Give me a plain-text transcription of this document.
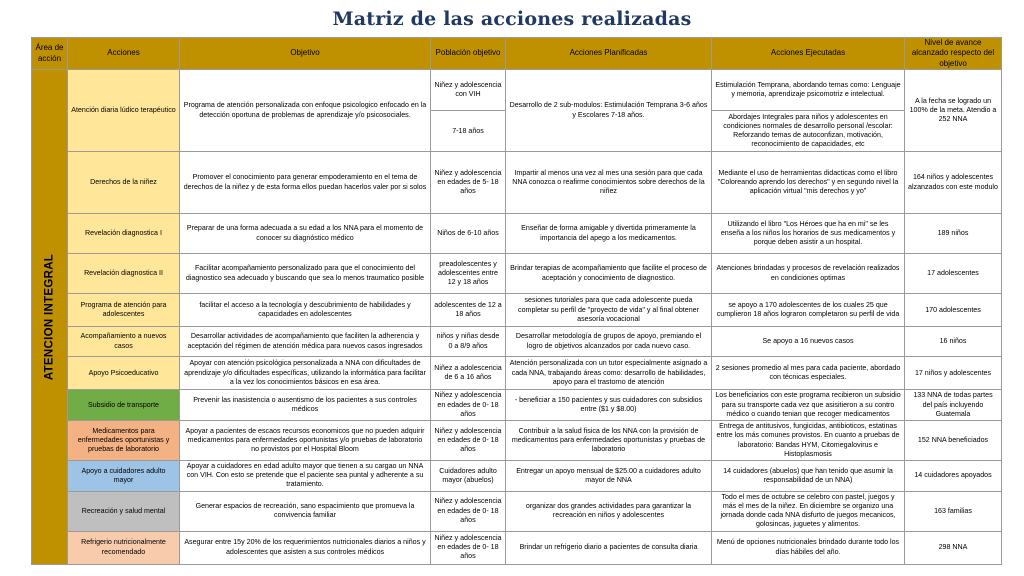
Matriz de las acciones realizadas
Área de acción	Acciones	Objetivo	Población objetivo	Acciones Planificadas	Acciones Ejecutadas	Nivel de avance alcanzado respecto del objetivo

ATENCION INTEGRAL	Atención diaria lúdico terapéutico	Programa de atención personalizada con enfoque psicologico enfocado en la detección oportuna de problemas de aprendizaje y/o psicosociales.	Niñez y adolescencia con VIH	Desarrollo de 2 sub-modulos: Estimulación Temprana 3-6 años y Escolares 7-18 años.	Estimulación Temprana, abordando temas como: Lenguaje y memoria, aprendizaje psicomotriz e intelectual.	A la fecha se logrado un 100% de la meta. Atendio a 252 NNA
			7-18 años		Abordajes Integrales para niños y adolescentes en condiciones normales de desarrollo personal /escolar: Reforzando temas de autoconfizan, motivación, reconocimiento de capacidades, etc	
	Derechos de la niñez	Promover el conocimiento para generar empoderamiento en el tema de derechos de la niñez y de esta forma ellos puedan hacerlos valer por si solos	Niñez y adolescencia en edades de 5- 18 años	Impartir al menos una vez al mes una sesión para que cada NNA conozca o reafirme conocimientos sobre derechos de la niñez	Mediante el uso de herramientas didacticas como el libro "Coloreando aprendo los derechos" y en segundo nivel la aplicación virtual "mis derechos y yo"	164 niños y adolescentes alzanzados con este modulo
	Revelación diagnostica I	Preparar de una forma adecuada a su edad a los NNA para el momento de conocer su diagnóstico médico	Niños de 6-10 años	Enseñar de forma amigable y divertida primeramente la importancia del apego a los medicamentos.	Utilizando el libro "Los Héroes que ha en mi" se les enseña a los niños los horarios de sus medicamentos y porque deben asistir a un hospital.	189 niños
	Revelación diagnostica II	Facilitar acompañamiento personalizado para que el conocimiento del diagnostico sea adecuado y buscando que sea lo menos traumatico posible	preadolescentes y adolescentes entre 12 y 18 años	Brindar terapias de acompañamiento que facilite el proceso de aceptación y conocimiento de diagnostico.	Atenciones brindadas y procesos de revelación realizados en condiciones optimas	17 adolescentes
	Programa de atención para adolescentes	facilitar el acceso a la tecnología y descubrimiento de habilidades y capacidades en adolescentes	adolescentes de 12 a 18 años	sesiones tutoriales para que cada adolescente pueda completar su perfil de "proyecto de vida" y al final obtener asesoría vocacional	se apoyo a 170 adolescentes de los cuales 25 que cumplieron 18 años lograron completaron su perfil de vida	170 adolescentes
	Acompañamiento a nuevos casos	Desarrollar actividades de acompañamiento que faciliten la adherencia y aceptación del régimen de atención médica para nuevos casos ingresados	niños y niñas desde 0 a 8/9 años	Desarrollar metodología de grupos de apoyo, premiando el logro de objetivos alcanzados por cada nuevo caso.	Se apoyo a 16 nuevos casos	16 niños
	Apoyo Psicoeducativo	Apoyar con atención psicológica personalizada a NNA con dificultades de aprendizaje y/o dificultades específicas, utilizando la informática para facilitar a la vez los conocimientos básicos en esa área.	Niñez a adolescencia de 6 a 16 años	Atención personalizada con un tutor especialmente asignado a cada NNA, trabajando áreas como: desarrollo de habilidades, apoyo para el trastorno de atención	2 sesiones promedio al mes para cada paciente, abordado con técnicas especiales.	17 niños y adolescentes
	Subsidio de transporte	Prevenir las inasistencia o ausentismo de los pacientes a sus controles médicos	Niñez y adolescencia en edades de 0- 18 años	- beneficiar a 150 pacientes y sus cuidadores con subsidios entre ($1 y $8.00)	Los beneficiarios con este programa recibieron un subsidio para su transporte cada vez que asisitieron a su contro médico o cuando tenian que recoger medicamentos	133 NNA de todas partes del país incluyendo Guatemala
	Medicamentos para enfermedades oportunistas y pruebas de laboratorio	Apoyar a pacientes de escaos recursos economicos que no pueden adquirir medicamentos para enfermedades oportunistas y/o pruebas de laboratorio no provistos por el Hospital Bloom	Niñez y adolescencia en edades de 0- 18 años	Contribuir a la salud fisica de los NNA con la provisión de medicamentos para enfermedades oportunistas y pruebas de laboratorio	Entrega de antitusivos, fungicidas, antibioticos, estatinas entre los más comunes provistos. En cuanto a pruebas de laboratorio: Bandas HYM, Citomegalovirus e Histoplasmosis	152 NNA beneficiados
	Apoyo a cuidadores adulto mayor	Apoyar a cuidadores en edad adulto mayor que tienen a su cargao un NNA con VIH. Con esto se pretende que el paciente sea puntal y adherente a su tratamiento.	Cuidadores adulto mayor (abuelos)	Entregar un apoyo mensual de $25.00 a cuidadores adulto mayor de NNA	14 cuidadores (abuelos) que han tenido que asumir la responsabilidad de un NNA)	14 cuidadores apoyados
	Recreación y salud mental	Generar espacios de recreación, sano espacimiento que promueva la convivencia familiar	Niñez y adolescencia en edades de 0- 18 años	organizar dos grandes actividades para garantizar la recreación en niños y adolescentes	Todo el mes de octubre se celebro con pastel, juegos y más el mes de la niñez. En diciembre se organizo una jornada donde cada NNA disfurto de juegos mecanicos, golosincas, juguetes y alimentos.	163 familias
	Refrigerio nutricionalmente recomendado	Asegurar entre 15y 20% de los requerimientos nutricionales diarios a niños y adolescentes que asisten a sus controles médicos	Niñez y adolescencia en edades de 0- 18 años	Brindar un refrigerio diario a pacientes de consulta diaria	Menú de opciones nutricionales brindado durante todo los días hábiles del año.	298 NNA
